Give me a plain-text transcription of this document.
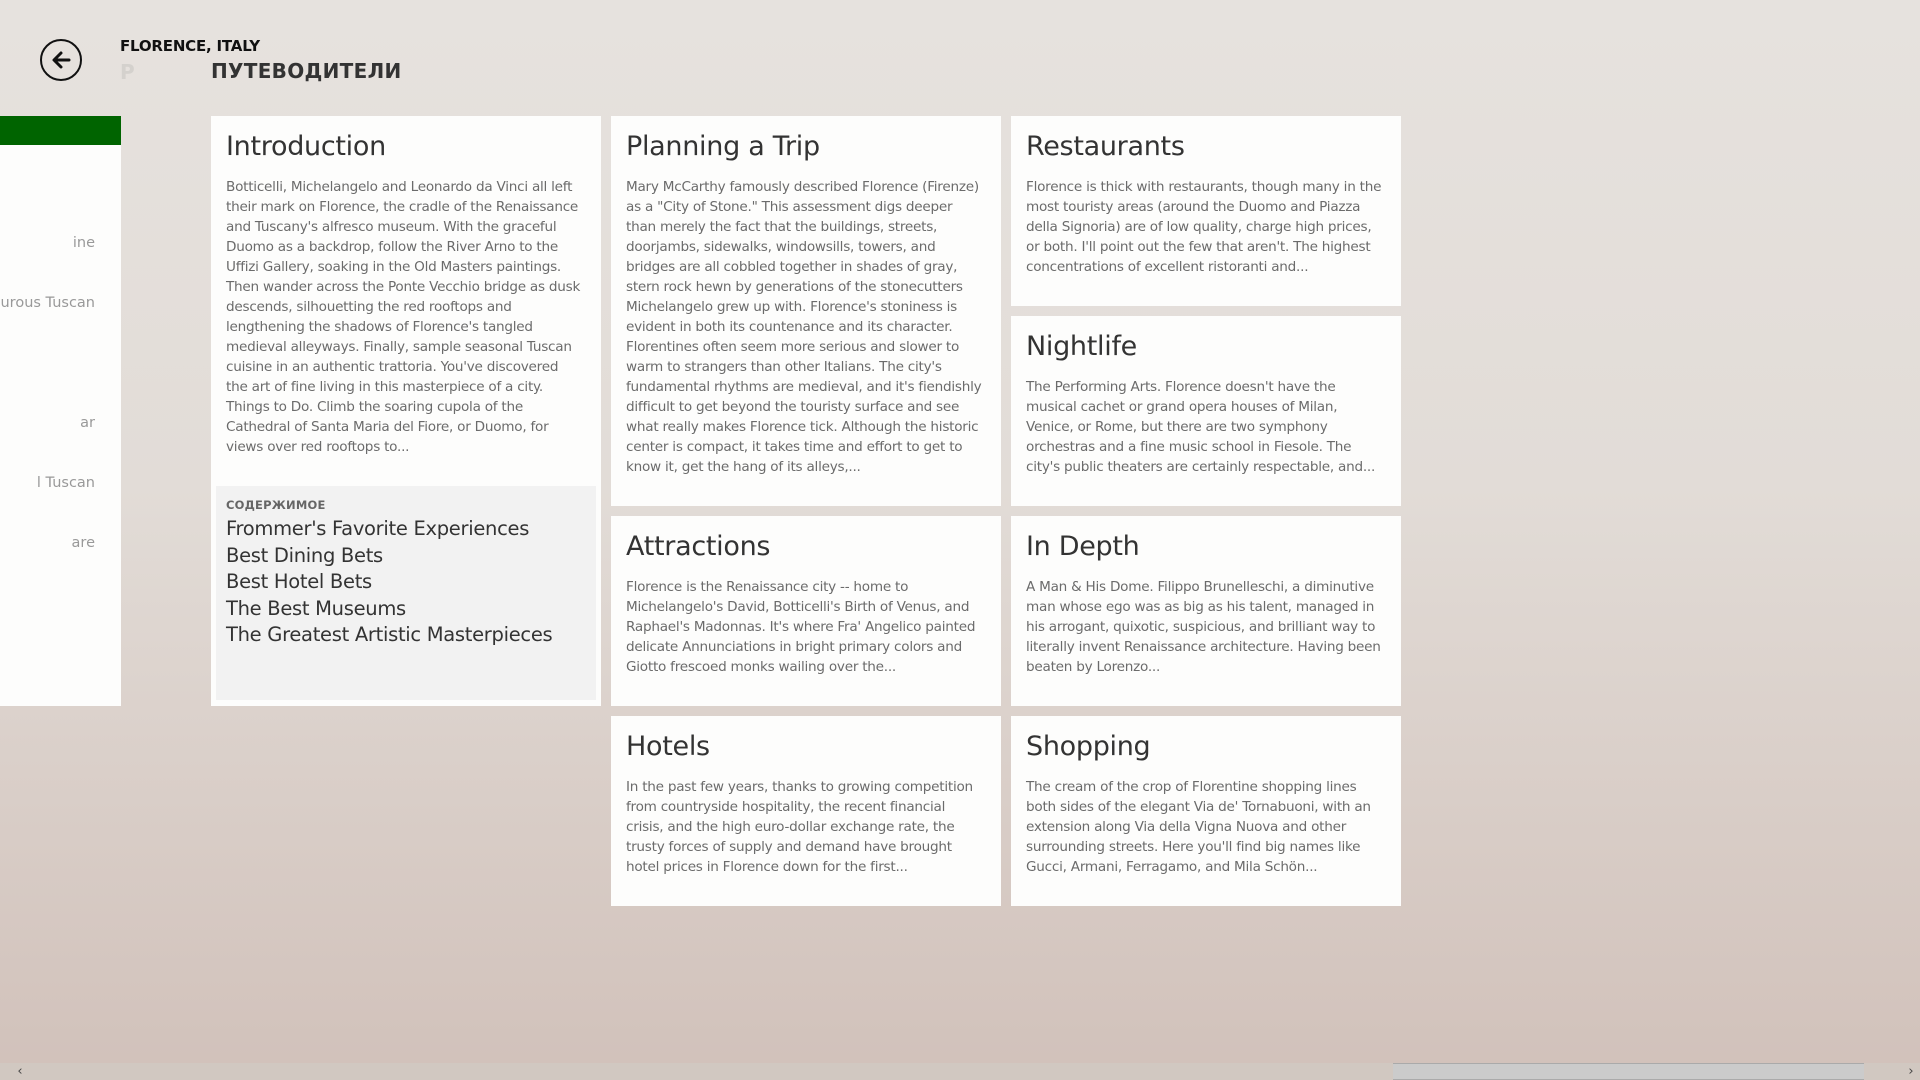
FLORENCE, ITALY
P	ПУТЕВОДИТЕЛИ
ine
urous Tuscan
ar
l Tuscan
are
Introduction

Botticelli, Michelangelo and Leonardo da Vinci all left their mark on Florence, the cradle of the Renaissance and Tuscany's alfresco museum. With the graceful Duomo as a backdrop, follow the River Arno to the Uffizi Gallery, soaking in the Old Masters paintings. Then wander across the Ponte Vecchio bridge as dusk descends, silhouetting the red rooftops and lengthening the shadows of Florence's tangled medieval alleyways. Finally, sample seasonal Tuscan cuisine in an authentic trattoria. You've discovered the art of fine living in this masterpiece of a city. Things to Do. Climb the soaring cupola of the Cathedral of Santa Maria del Fiore, or Duomo, for views over red rooftops to...

СОДЕРЖИМОЕ
Frommer's Favorite Experiences
Best Dining Bets
Best Hotel Bets
The Best Museums
The Greatest Artistic Masterpieces
Planning a Trip

Mary McCarthy famously described Florence (Firenze) as a "City of Stone." This assessment digs deeper than merely the fact that the buildings, streets, doorjambs, sidewalks, windowsills, towers, and bridges are all cobbled together in shades of gray, stern rock hewn by generations of the stonecutters Michelangelo grew up with. Florence's stoniness is evident in both its countenance and its character. Florentines often seem more serious and slower to warm to strangers than other Italians. The city's fundamental rhythms are medieval, and it's fiendishly difficult to get beyond the touristy surface and see what really makes Florence tick. Although the historic center is compact, it takes time and effort to get to know it, get the hang of its alleys,...

Restaurants

Florence is thick with restaurants, though many in the most touristy areas (around the Duomo and Piazza della Signoria) are of low quality, charge high prices, or both. I'll point out the few that aren't. The highest concentrations of excellent ristoranti and...

Nightlife

The Performing Arts. Florence doesn't have the musical cachet or grand opera houses of Milan, Venice, or Rome, but there are two symphony orchestras and a fine music school in Fiesole. The city's public theaters are certainly respectable, and...

Attractions

Florence is the Renaissance city -- home to Michelangelo's David, Botticelli's Birth of Venus, and Raphael's Madonnas. It's where Fra' Angelico painted delicate Annunciations in bright primary colors and Giotto frescoed monks wailing over the...

In Depth

A Man & His Dome. Filippo Brunelleschi, a diminutive man whose ego was as big as his talent, managed in his arrogant, quixotic, suspicious, and brilliant way to literally invent Renaissance architecture. Having been beaten by Lorenzo...

Hotels

In the past few years, thanks to growing competition from countryside hospitality, the recent financial crisis, and the high euro-dollar exchange rate, the trusty forces of supply and demand have brought hotel prices in Florence down for the first...

Shopping

The cream of the crop of Florentine shopping lines both sides of the elegant Via de' Tornabuoni, with an extension along Via della Vigna Nuova and other surrounding streets. Here you'll find big names like Gucci, Armani, Ferragamo, and Mila Schön...

‹	›
